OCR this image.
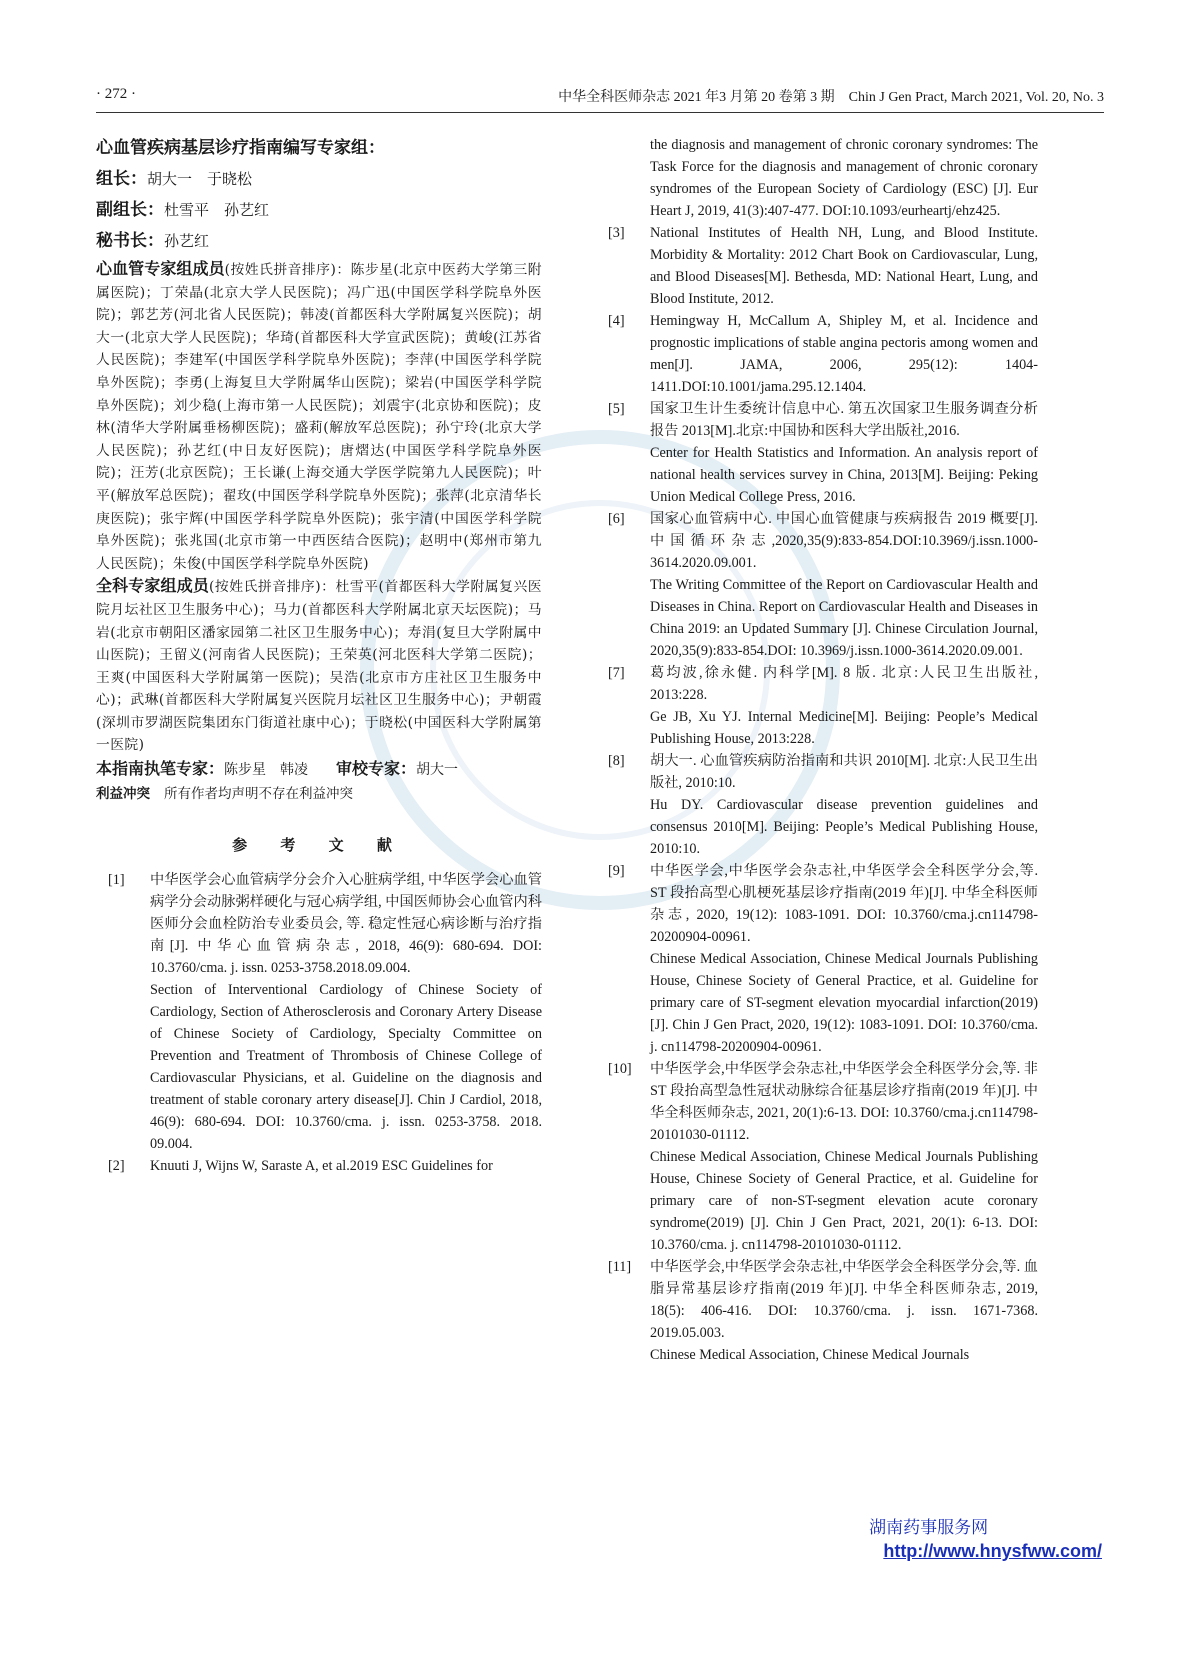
· 272 ·	中华全科医师杂志 2021 年3 月第 20 卷第 3 期　Chin J Gen Pract, March 2021, Vol. 20, No. 3

心血管疾病基层诊疗指南编写专家组：

组长：胡大一　于晓松

副组长：杜雪平　孙艺红

秘书长：孙艺红

心血管专家组成员(按姓氏拼音排序)：陈步星(北京中医药大学第三附属医院)；丁荣晶(北京大学人民医院)；冯广迅(中国医学科学院阜外医院)；郭艺芳(河北省人民医院)；韩凌(首都医科大学附属复兴医院)；胡大一(北京大学人民医院)；华琦(首都医科大学宣武医院)；黄峻(江苏省人民医院)；李建军(中国医学科学院阜外医院)；李萍(中国医学科学院阜外医院)；李勇(上海复旦大学附属华山医院)；梁岩(中国医学科学院阜外医院)；刘少稳(上海市第一人民医院)；刘震宇(北京协和医院)；皮林(清华大学附属垂杨柳医院)；盛莉(解放军总医院)；孙宁玲(北京大学人民医院)；孙艺红(中日友好医院)；唐熠达(中国医学科学院阜外医院)；汪芳(北京医院)；王长谦(上海交通大学医学院第九人民医院)；叶平(解放军总医院)；翟玫(中国医学科学院阜外医院)；张萍(北京清华长庚医院)；张宇辉(中国医学科学院阜外医院)；张宇清(中国医学科学院阜外医院)；张兆国(北京市第一中西医结合医院)；赵明中(郑州市第九人民医院)；朱俊(中国医学科学院阜外医院)

全科专家组成员(按姓氏拼音排序)：杜雪平(首都医科大学附属复兴医院月坛社区卫生服务中心)；马力(首都医科大学附属北京天坛医院)；马岩(北京市朝阳区潘家园第二社区卫生服务中心)；寿涓(复旦大学附属中山医院)；王留义(河南省人民医院)；王荣英(河北医科大学第二医院)；王爽(中国医科大学附属第一医院)；吴浩(北京市方庄社区卫生服务中心)；武琳(首都医科大学附属复兴医院月坛社区卫生服务中心)；尹朝霞(深圳市罗湖医院集团东门街道社康中心)；于晓松(中国医科大学附属第一医院)

本指南执笔专家：陈步星　韩凌　　 审校专家：胡大一

利益冲突 所有作者均声明不存在利益冲突

参 考 文 献
[1]	中华医学会心血管病学分会介入心脏病学组, 中华医学会心血管病学分会动脉粥样硬化与冠心病学组, 中国医师协会心血管内科医师分会血栓防治专业委员会, 等. 稳定性冠心病诊断与治疗指南[J]. 中华心血管病杂志, 2018, 46(9): 680-694. DOI: 10.3760/cma. j. issn. 0253-3758.2018.09.004.

Section of Interventional Cardiology of Chinese Society of Cardiology, Section of Atherosclerosis and Coronary Artery Disease of Chinese Society of Cardiology, Specialty Committee on Prevention and Treatment of Thrombosis of Chinese College of Cardiovascular Physicians, et al. Guideline on the diagnosis and treatment of stable coronary artery disease[J]. Chin J Cardiol, 2018, 46(9): 680-694. DOI: 10.3760/cma. j. issn. 0253-3758. 2018. 09.004.

[2]	Knuuti J, Wijns W, Saraste A, et al.2019 ESC Guidelines for

the diagnosis and management of chronic coronary syndromes: The Task Force for the diagnosis and management of chronic coronary syndromes of the European Society of Cardiology (ESC) [J]. Eur Heart J, 2019, 41(3):407-477. DOI:10.1093/eurheartj/ehz425.

[3]	National Institutes of Health NH, Lung, and Blood Institute. Morbidity & Mortality: 2012 Chart Book on Cardiovascular, Lung, and Blood Diseases[M]. Bethesda, MD: National Heart, Lung, and Blood Institute, 2012.

[4]	Hemingway H, McCallum A, Shipley M, et al. Incidence and prognostic implications of stable angina pectoris among women and men[J]. JAMA, 2006, 295(12): 1404-1411.DOI:10.1001/jama.295.12.1404.

[5]	国家卫生计生委统计信息中心. 第五次国家卫生服务调查分析报告 2013[M].北京:中国协和医科大学出版社,2016.

Center for Health Statistics and Information. An analysis report of national health services survey in China, 2013[M]. Beijing: Peking Union Medical College Press, 2016.

[6]	国家心血管病中心. 中国心血管健康与疾病报告 2019 概要[J]. 中国循环杂志,2020,35(9):833-854.DOI:10.3969/j.issn.1000-3614.2020.09.001.

The Writing Committee of the Report on Cardiovascular Health and Diseases in China. Report on Cardiovascular Health and Diseases in China 2019: an Updated Summary [J]. Chinese Circulation Journal, 2020,35(9):833-854.DOI: 10.3969/j.issn.1000-3614.2020.09.001.

[7]	葛均波,徐永健. 内科学[M]. 8 版. 北京:人民卫生出版社, 2013:228.

Ge JB, Xu YJ. Internal Medicine[M]. Beijing: People’s Medical Publishing House, 2013:228.

[8]	胡大一. 心血管疾病防治指南和共识 2010[M]. 北京:人民卫生出版社, 2010:10.

Hu DY. Cardiovascular disease prevention guidelines and consensus 2010[M]. Beijing: People’s Medical Publishing House, 2010:10.

[9]	中华医学会,中华医学会杂志社,中华医学会全科医学分会,等. ST 段抬高型心肌梗死基层诊疗指南(2019 年)[J]. 中华全科医师杂志, 2020, 19(12): 1083-1091. DOI: 10.3760/cma.j.cn114798-20200904-00961.

Chinese Medical Association, Chinese Medical Journals Publishing House, Chinese Society of General Practice, et al. Guideline for primary care of ST-segment elevation myocardial infarction(2019) [J]. Chin J Gen Pract, 2020, 19(12): 1083-1091. DOI: 10.3760/cma. j. cn114798-20200904-00961.

[10]	中华医学会,中华医学会杂志社,中华医学会全科医学分会,等. 非 ST 段抬高型急性冠状动脉综合征基层诊疗指南(2019 年)[J]. 中华全科医师杂志, 2021, 20(1):6-13. DOI: 10.3760/cma.j.cn114798-20101030-01112.

Chinese Medical Association, Chinese Medical Journals Publishing House, Chinese Society of General Practice, et al. Guideline for primary care of non-ST-segment elevation acute coronary syndrome(2019) [J]. Chin J Gen Pract, 2021, 20(1): 6-13. DOI: 10.3760/cma. j. cn114798-20101030-01112.

[11]	中华医学会,中华医学会杂志社,中华医学会全科医学分会,等. 血脂异常基层诊疗指南(2019 年)[J]. 中华全科医师杂志, 2019, 18(5): 406-416. DOI: 10.3760/cma. j. issn. 1671-7368. 2019.05.003.

Chinese Medical Association, Chinese Medical Journals

湖南药事服务网
http://www.hnysfww.com/
